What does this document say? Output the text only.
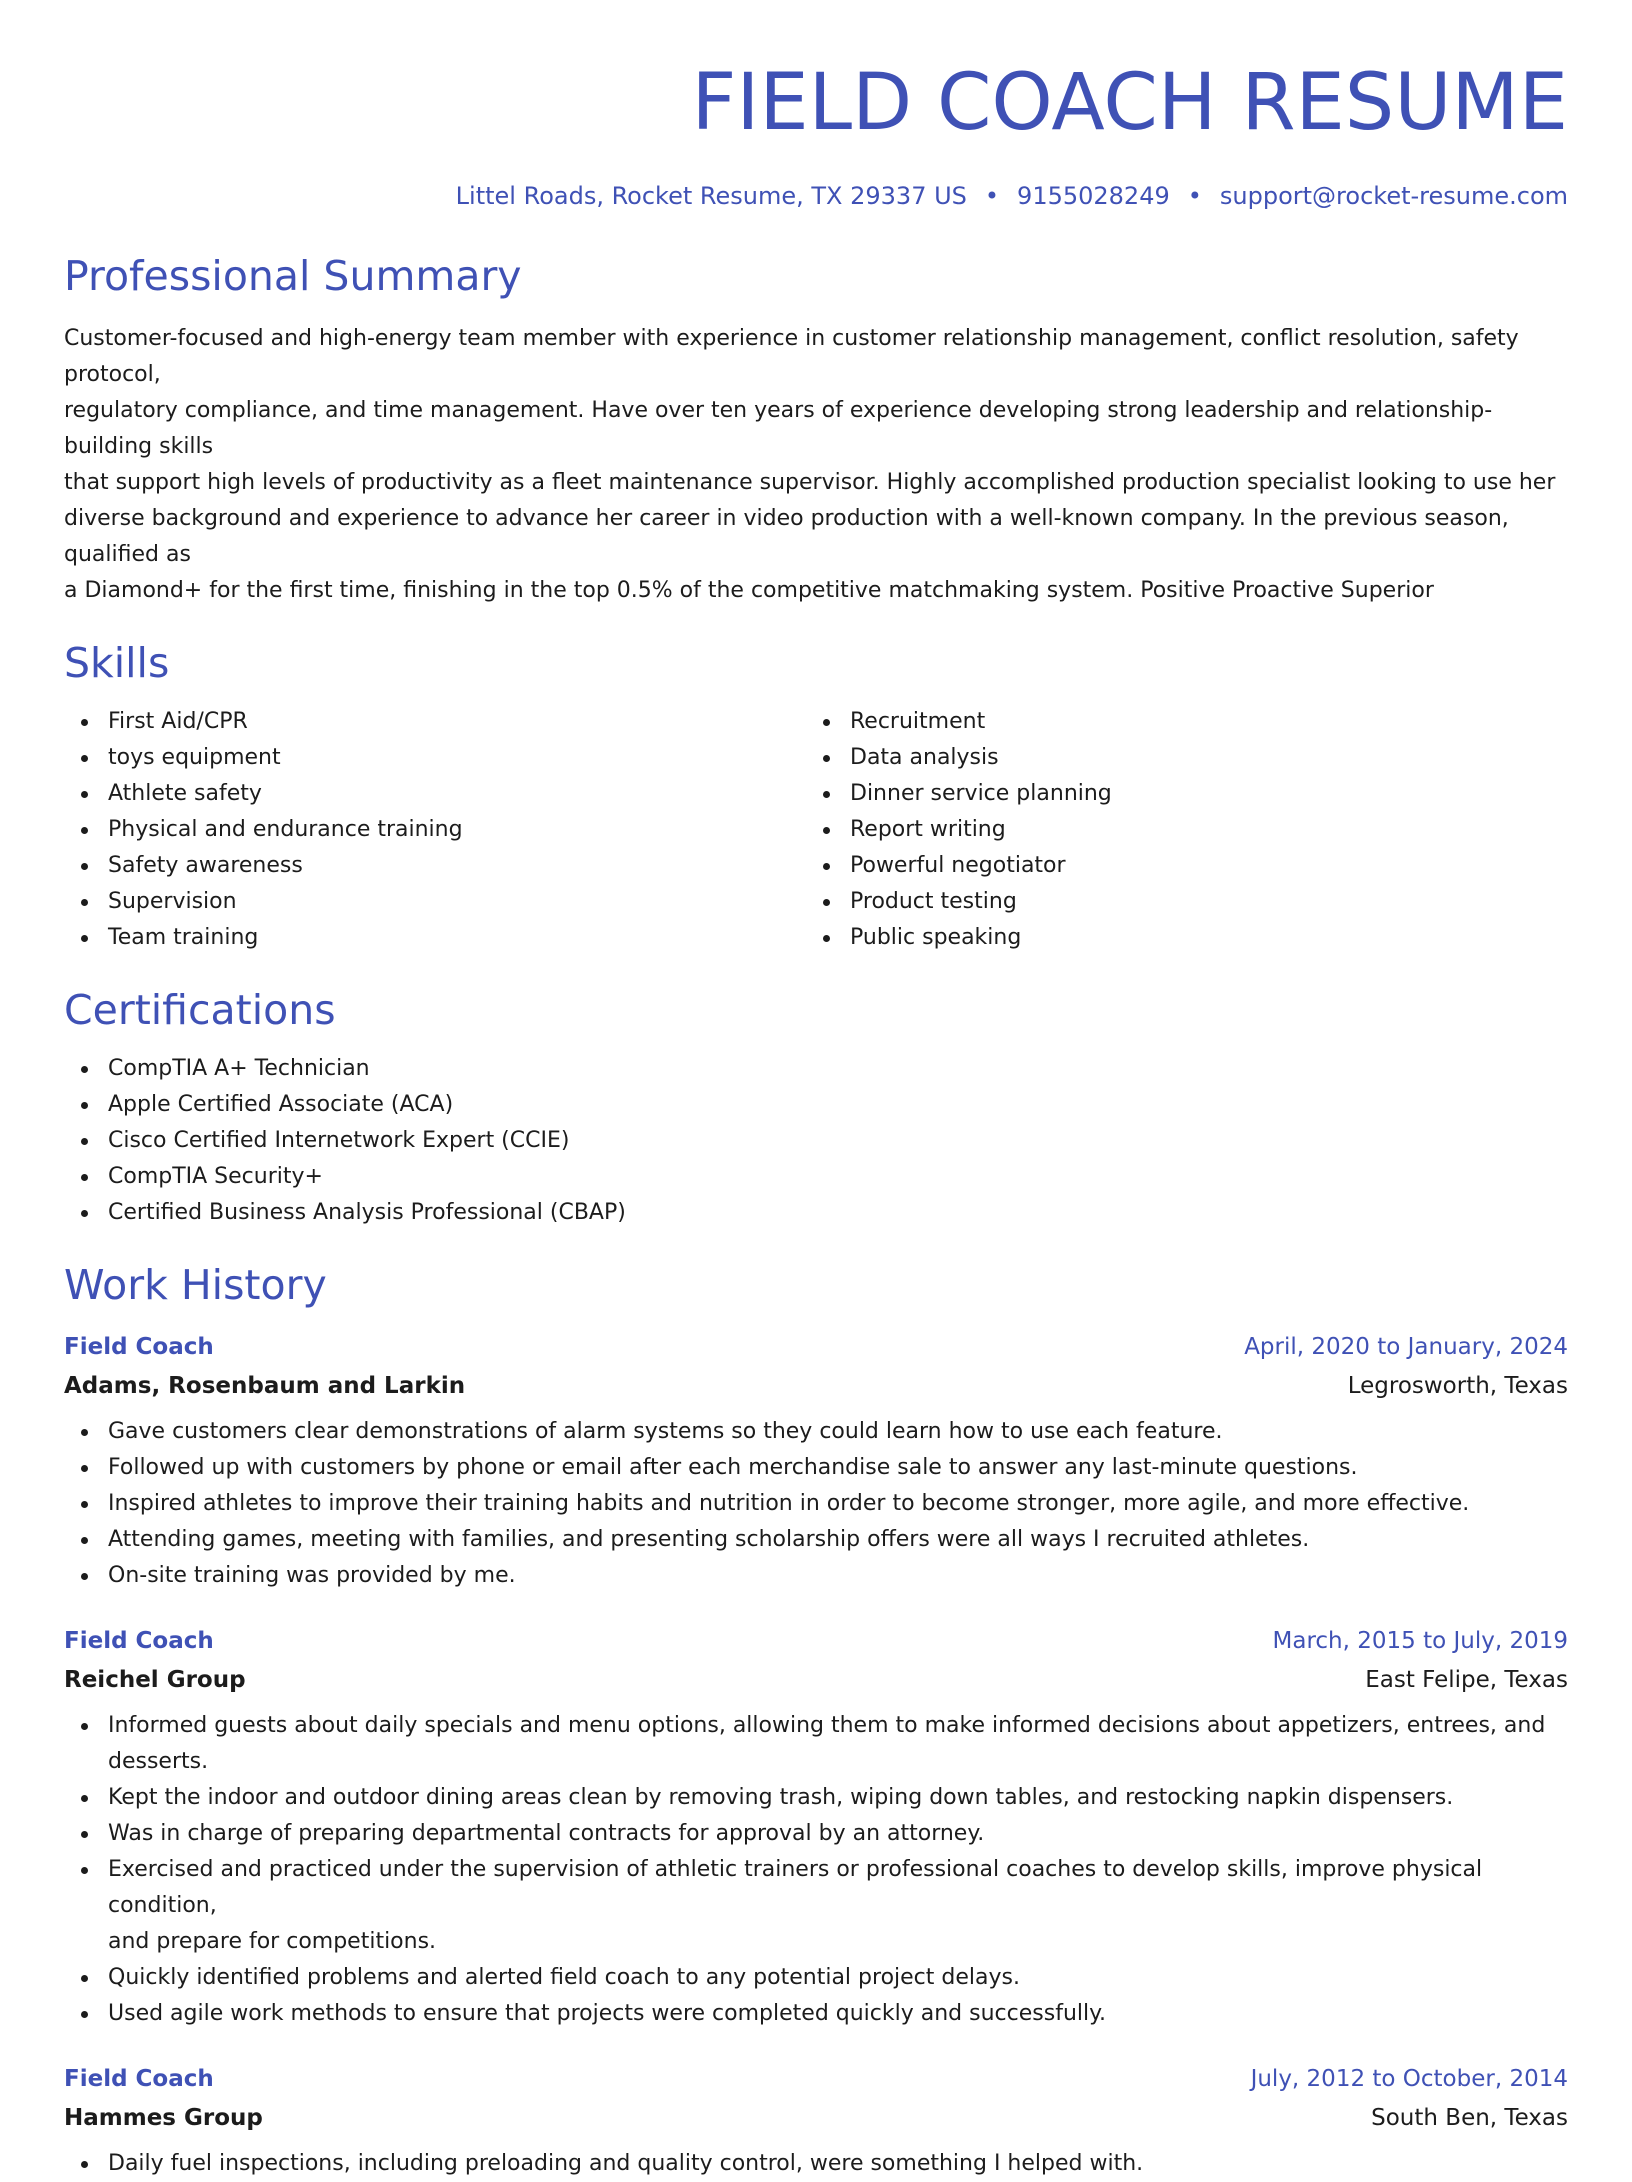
FIELD COACH RESUME
Littel Roads, Rocket Resume, TX 29337 US • 9155028249 • support@rocket-resume.com
Professional Summary

Customer-focused and high-energy team member with experience in customer relationship management, conflict resolution, safety protocol,
regulatory compliance, and time management. Have over ten years of experience developing strong leadership and relationship-building skills
that support high levels of productivity as a fleet maintenance supervisor. Highly accomplished production specialist looking to use her
diverse background and experience to advance her career in video production with a well-known company. In the previous season, qualified as
a Diamond+ for the first time, finishing in the top 0.5% of the competitive matchmaking system. Positive Proactive Superior

Skills
First Aid/CPR
toys equipment
Athlete safety
Physical and endurance training
Safety awareness
Supervision
Team training
Recruitment
Data analysis
Dinner service planning
Report writing
Powerful negotiator
Product testing
Public speaking
Certifications
CompTIA A+ Technician
Apple Certified Associate (ACA)
Cisco Certified Internetwork Expert (CCIE)
CompTIA Security+
Certified Business Analysis Professional (CBAP)
Work History
Field Coach	April, 2020 to January, 2024
Adams, Rosenbaum and Larkin	Legrosworth, Texas
Gave customers clear demonstrations of alarm systems so they could learn how to use each feature.
Followed up with customers by phone or email after each merchandise sale to answer any last-minute questions.
Inspired athletes to improve their training habits and nutrition in order to become stronger, more agile, and more effective.
Attending games, meeting with families, and presenting scholarship offers were all ways I recruited athletes.
On-site training was provided by me.
Field Coach	March, 2015 to July, 2019
Reichel Group	East Felipe, Texas
Informed guests about daily specials and menu options, allowing them to make informed decisions about appetizers, entrees, and
desserts.
Kept the indoor and outdoor dining areas clean by removing trash, wiping down tables, and restocking napkin dispensers.
Was in charge of preparing departmental contracts for approval by an attorney.
Exercised and practiced under the supervision of athletic trainers or professional coaches to develop skills, improve physical condition,
and prepare for competitions.
Quickly identified problems and alerted field coach to any potential project delays.
Used agile work methods to ensure that projects were completed quickly and successfully.
Field Coach	July, 2012 to October, 2014
Hammes Group	South Ben, Texas
Daily fuel inspections, including preloading and quality control, were something I helped with.
